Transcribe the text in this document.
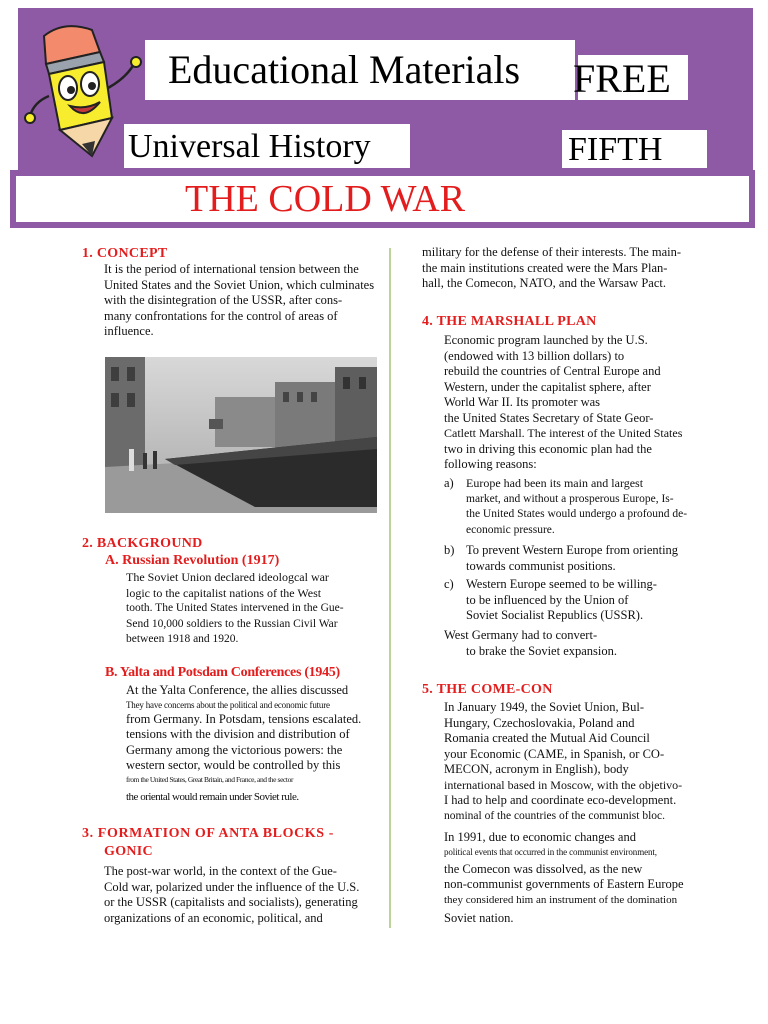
Educational Materials FREE
Universal History	FIFTH
THE COLD WAR
1. CONCEPT
It is the period of international tension between the
United States and the Soviet Union, which culminates
with the disintegration of the USSR, after cons-
many confrontations for the control of areas of
influence.
2. BACKGROUND
A. Russian Revolution (1917)
The Soviet Union declared ideologcal war
logic to the capitalist nations of the West
tooth. The United States intervened in the Gue-
Send 10,000 soldiers to the Russian Civil War
between 1918 and 1920.
B. Yalta and Potsdam Conferences (1945)
At the Yalta Conference, the allies discussed
They have concerns about the political and economic future
from Germany. In Potsdam, tensions escalated.
tensions with the division and distribution of
Germany among the victorious powers: the
western sector, would be controlled by this
from the United States, Great Britain, and France, and the sector
the oriental would remain under Soviet rule.
3. FORMATION OF ANTA BLOCKS -
GONIC
The post-war world, in the context of the Gue-
Cold war, polarized under the influence of the U.S.
or the USSR (capitalists and socialists), generating
organizations of an economic, political, and
military for the defense of their interests. The main-
the main institutions created were the Mars Plan-
hall, the Comecon, NATO, and the Warsaw Pact.
4. THE MARSHALL PLAN
Economic program launched by the U.S.
(endowed with 13 billion dollars) to
rebuild the countries of Central Europe and
Western, under the capitalist sphere, after
World War II. Its promoter was
the United States Secretary of State Geor-
Catlett Marshall. The interest of the United States
two in driving this economic plan had the
following reasons:
a)	Europe had been its main and largest
market, and without a prosperous Europe, Is-
the United States would undergo a profound de-
economic pressure.
b) To prevent Western Europe from orienting
towards communist positions.
c) Western Europe seemed to be willing-
to be influenced by the Union of
Soviet Socialist Republics (USSR).
West Germany had to convert-
to brake the Soviet expansion.
5. THE COME-CON
In January 1949, the Soviet Union, Bul-
Hungary, Czechoslovakia, Poland and
Romania created the Mutual Aid Council
your Economic (CAME, in Spanish, or CO-
MECON, acronym in English), body
international based in Moscow, with the objetivo-
I had to help and coordinate eco-development.
nominal of the countries of the communist bloc.
In 1991, due to economic changes and
political events that occurred in the communist environment,
the Comecon was dissolved, as the new
non-communist governments of Eastern Europe
they considered him an instrument of the domination
Soviet nation.
